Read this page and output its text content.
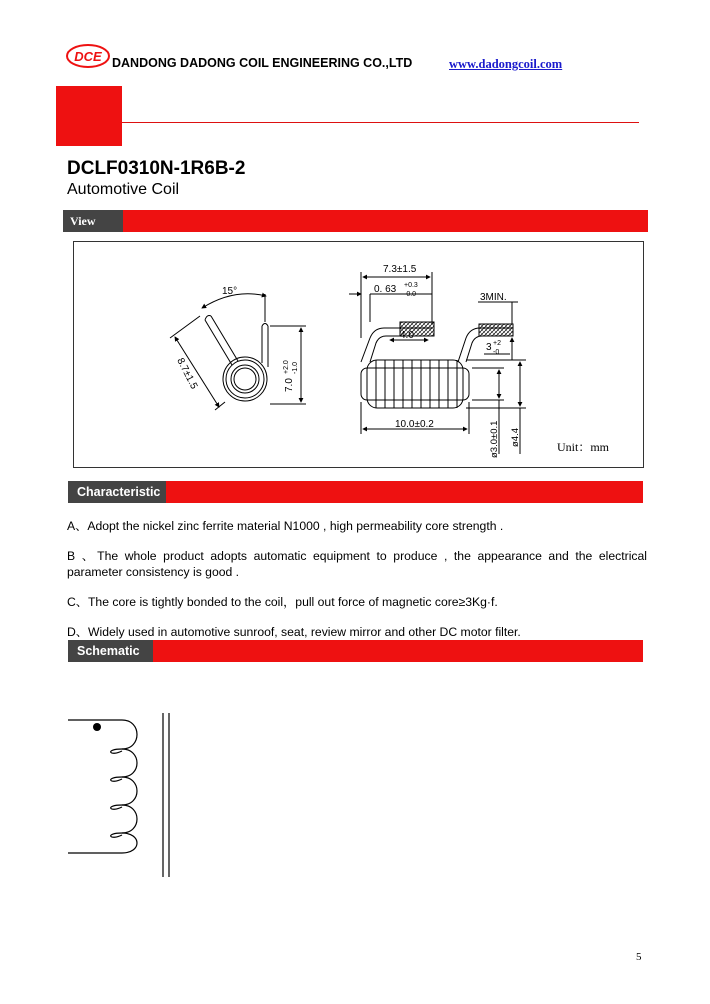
DCE DANDONG DADONG COIL ENGINEERING CO.,LTD	www.dadongcoil.com
DCLF0310N-1R6B-2
Automotive Coil
View
15°
8.7±1.5	7.0
+2.0 -1.0
7.3±1.5
0. 63 +0.3
-0.0	3MIN.
4.0
3 +2
-0
10.0±0.2	ø3.0±0.1 ø4.4	Unit：mm
Characteristic
A、Adopt the nickel zinc ferrite material N1000 , high permeability core strength .
B 、The whole product adopts automatic equipment to produce , the appearance and the electrical parameter consistency is good .
C、The core is tightly bonded to the coil，pull out force of magnetic core≥3Kg·f.
D、Widely used in automotive sunroof, seat, review mirror and other DC motor filter.
Schematic
5
